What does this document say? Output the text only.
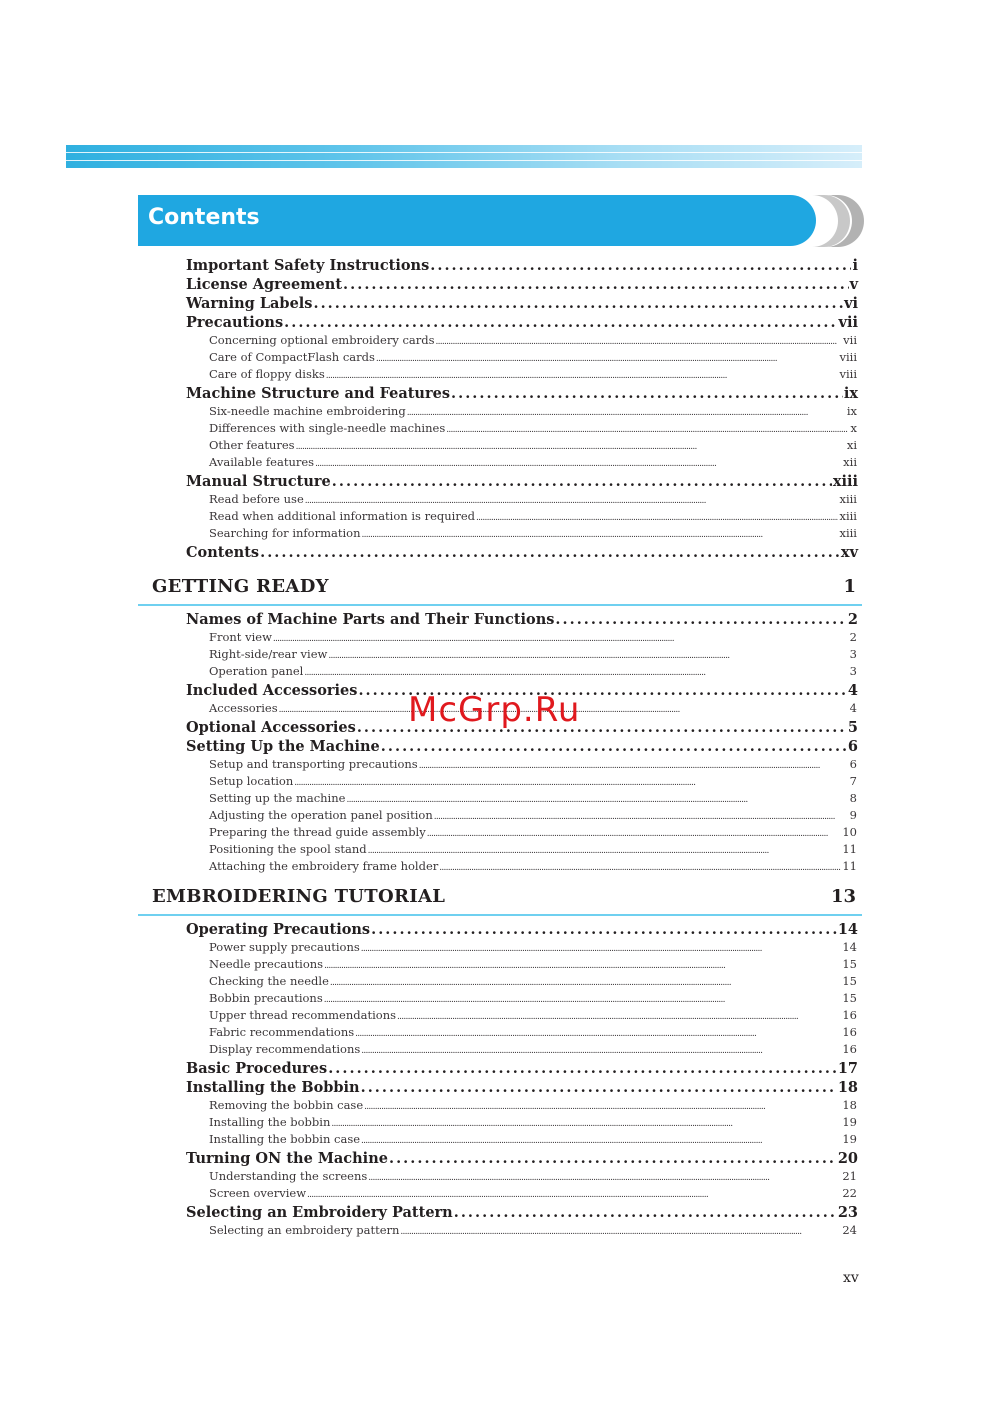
Contents
Important Safety Instructions . . .	i
License Agreement . . .	v
Warning Labels . . .	vi
Precautions . . .	vii
Concerning optional embroidery cards . . .	vii
Care of CompactFlash cards . . .	viii
Care of floppy disks . . .	viii
Machine Structure and Features . . .	ix
Six-needle machine embroidering . . .	ix
Differences with single-needle machines . . .	x
Other features . . .	xi
Available features . . .	xii
Manual Structure . . .	xiii
Read before use . . .	xiii
Read when additional information is required . . .	xiii
Searching for information . . .	xiii
Contents . . .	xv
GETTING READY	1
Names of Machine Parts and Their Functions . . .	2
Front view . . .	2
Right-side/rear view . . .	3
Operation panel . . .	3
Included Accessories . . .	4
Accessories . . .	4
Optional Accessories . . .	5
Setting Up the Machine . . .	6
Setup and transporting precautions . . .	6
Setup location . . .	7
Setting up the machine . . .	8
Adjusting the operation panel position . . .	9
Preparing the thread guide assembly . . .	10
Positioning the spool stand . . .	11
Attaching the embroidery frame holder . . .	11
EMBROIDERING TUTORIAL	13
Operating Precautions . . .	14
Power supply precautions . . .	14
Needle precautions . . .	15
Checking the needle . . .	15
Bobbin precautions . . .	15
Upper thread recommendations . . .	16
Fabric recommendations . . .	16
Display recommendations . . .	16
Basic Procedures . . .	17
Installing the Bobbin . . .	18
Removing the bobbin case . . .	18
Installing the bobbin . . .	19
Installing the bobbin case . . .	19
Turning ON the Machine . . .	20
Understanding the screens . . .	21
Screen overview . . .	22
Selecting an Embroidery Pattern . . .	23
Selecting an embroidery pattern . . .	24
McGrp.Ru
xv
